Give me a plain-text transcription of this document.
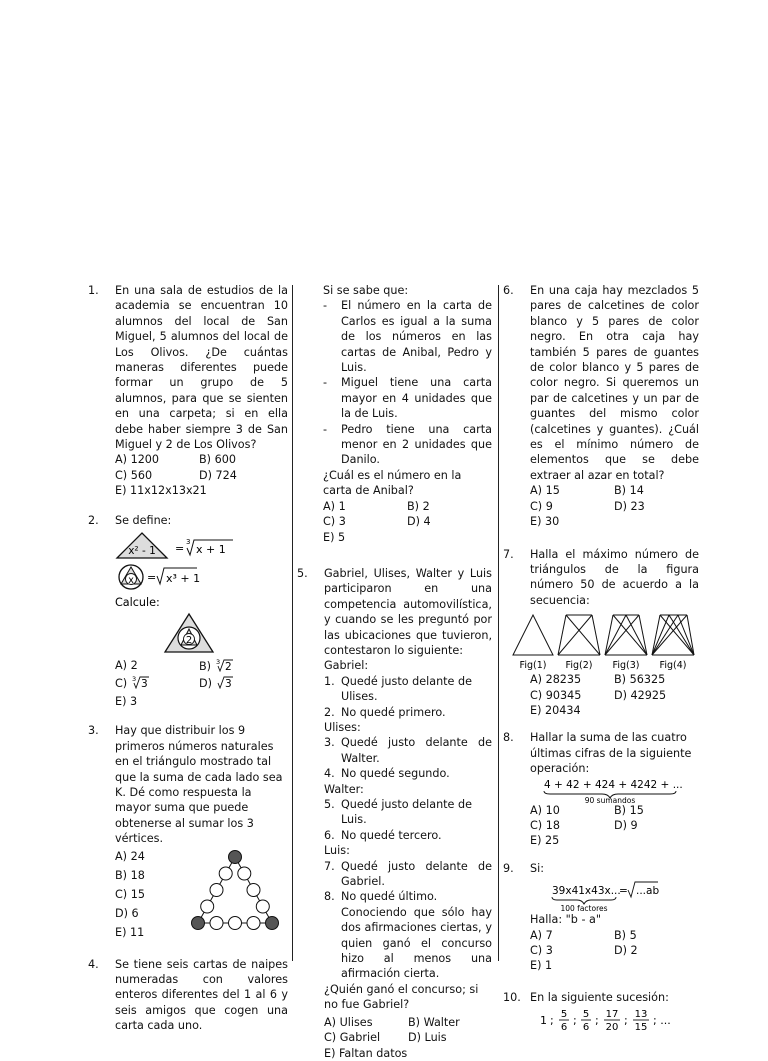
1.	En una sala de estudios de la academia se encuentran 10 alumnos del local de San Miguel, 5 alumnos del local de Los Olivos. ¿De cuántas maneras diferentes puede formar un grupo de 5 alumnos, para que se sienten en una carpeta; si en ella debe haber siempre 3 de San Miguel y 2 de Los Olivos?
A) 1200	B) 600
C) 560	D) 724
E) 11x12x13x21
2.	Se define:
x² - 1 = 3
x + 1
x = x³ + 1
Calcule:
2
A) 2	B) 3 2
C) 3 3	D) 3
E) 3
3.	Hay que distribuir los 9 primeros números naturales en el triángulo mostrado tal que la suma de cada lado sea K. Dé como respuesta la mayor suma que puede obtenerse al sumar los 3 vértices.
A) 24
B) 18
C) 15
D) 6
E) 11
4.	Se tiene seis cartas de naipes numeradas con valores enteros diferentes del 1 al 6 y seis amigos que cogen una carta cada uno.
Si se sabe que:
-	El número en la carta de Carlos es igual a la suma de los números en las cartas de Anibal, Pedro y Luis.
-	Miguel tiene una carta mayor en 4 unidades que la de Luis.
-	Pedro tiene una carta menor en 2 unidades que Danilo.
¿Cuál es el número en la carta de Anibal?
A) 1	B) 2
C) 3	D) 4
E) 5
5.	Gabriel, Ulises, Walter y Luis participaron en una competencia automovilística, y cuando se les preguntó por las ubicaciones que tuvieron, contestaron lo siguiente:
Gabriel:
1. Quedé justo delante de Ulises.
2. No quedé primero.
Ulises:
3. Quedé justo delante de Walter.
4. No quedé segundo.
Walter:
5. Quedé justo delante de Luis.
6. No quedé tercero.
Luis:
7. Quedé justo delante de Gabriel.
8. No quedé último.
Conociendo que sólo hay dos afirmaciones ciertas, y quien ganó el concurso hizo al menos una afirmación cierta.
¿Quién ganó el concurso; si no fue Gabriel?
A) Ulises	B) Walter
C) Gabriel	D) Luis
E) Faltan datos
6.	En una caja hay mezclados 5 pares de calcetines de color blanco y 5 pares de color negro. En otra caja hay también 5 pares de guantes de color blanco y 5 pares de color negro. Si queremos un par de calcetines y un par de guantes del mismo color (calcetines y guantes). ¿Cuál es el mínimo número de elementos que se debe extraer al azar en total?
A) 15	B) 14
C) 9	D) 23
E) 30
7.	Halla el máximo número de triángulos de la figura número 50 de acuerdo a la secuencia:
Fig(1) Fig(2) Fig(3) Fig(4)
A) 28235	B) 56325
C) 90345	D) 42925
E) 20434
8.	Hallar la suma de las cuatro últimas cifras de la siguiente operación:
4 + 42 + 424 + 4242 + ...
90 sumandos
A) 10	B) 15
C) 18	D) 9
E) 25
9.	Si:
39x41x43x...
100 factores
= ...ab
Halla: "b - a"
A) 7	B) 5
C) 3	D) 2
E) 1
10. En la siguiente sucesión:
1 ; 5
6
; 5
6
; 17
20
; 13
15
; ...
